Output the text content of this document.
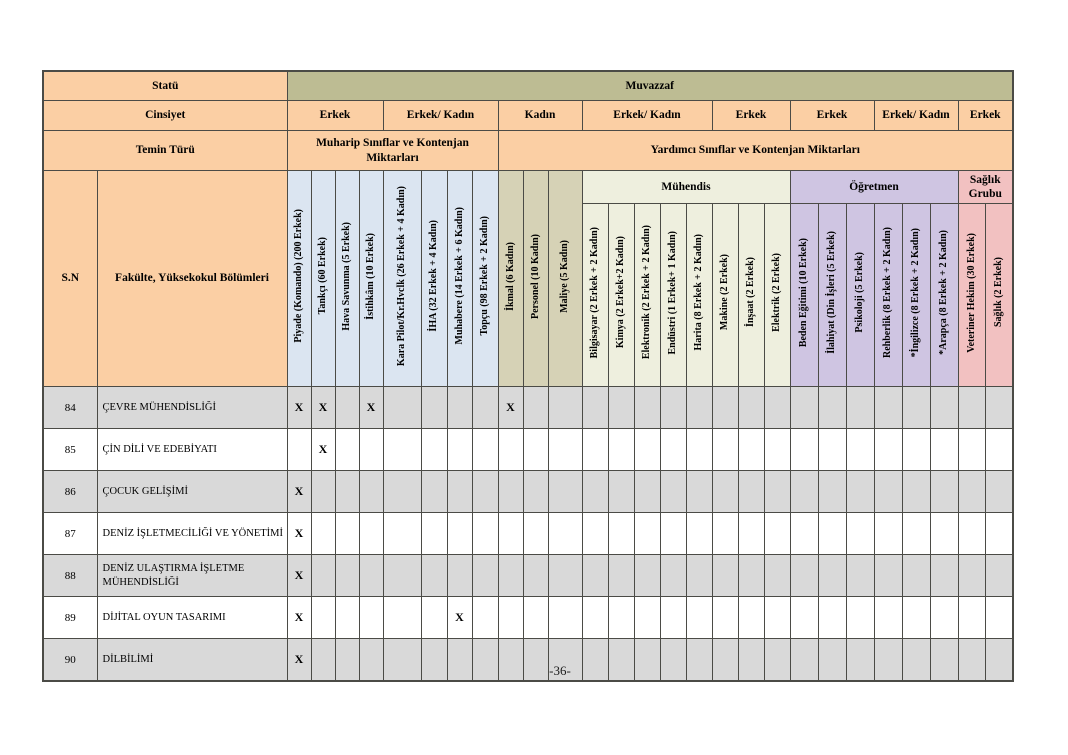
Statü		Muvazzaf																										
Cinsiyet		Erkek				Erkek/ Kadın				Kadın			Erkek/ Kadın					Erkek			Erkek			Erkek/ Kadın			Erkek	
Temin Türü		Muharip Sınıflar ve Kontenjan Miktarları								Yardımcı Sınıflar ve Kontenjan Miktarları																		
S.N	Fakülte, Yüksekokul Bölümleri	Piyade (Komando) (200 Erkek)	Tankçı (60 Erkek)	Hava Savunma (5 Erkek)	İstihkâm (10 Erkek)	Kara Pilot/Kr.Hvclk (26 Erkek + 4 Kadın)	İHA (32 Erkek + 4 Kadın)	Muhabere (14 Erkek + 6 Kadın)	Topçu (98 Erkek + 2 Kadın)	İkmal (6 Kadın)	Personel (10 Kadın)	Maliye (5 Kadın)	Mühendis								Öğretmen						Sağlık Grubu	
													Bilgisayar (2 Erkek + 2 Kadın)	Kimya (2 Erkek+2 Kadın)	Elektronik (2 Erkek + 2 Kadın)	Endüstri (1 Erkek+ 1 Kadın)	Harita (8 Erkek + 2 Kadın)	Makine (2 Erkek)	İnşaat (2 Erkek)	Elektrik (2 Erkek)	Beden Eğitimi (10 Erkek)	İlahiyat (Din İşleri (5 Erkek)	Psikoloji (5 Erkek)	Rehberlik (8 Erkek + 2 Kadın)	*İngilizce (8 Erkek + 2 Kadın)	*Arapça (8 Erkek + 2 Kadın)	Veteriner Hekim (30 Erkek)	Sağlık (2 Erkek)
84	ÇEVRE MÜHENDİSLİĞİ	X	X		X					X																		
85	ÇİN DİLİ VE EDEBİYATI		X																									
86	ÇOCUK GELİŞİMİ	X																										
87	DENİZ İŞLETMECİLİĞİ VE YÖNETİMİ	X																										
88	DENİZ ULAŞTIRMA İŞLETME MÜHENDİSLİĞİ	X																										
89	DİJİTAL OYUN TASARIMI	X						X																				
90	DİLBİLİMİ	X																										
-36-
